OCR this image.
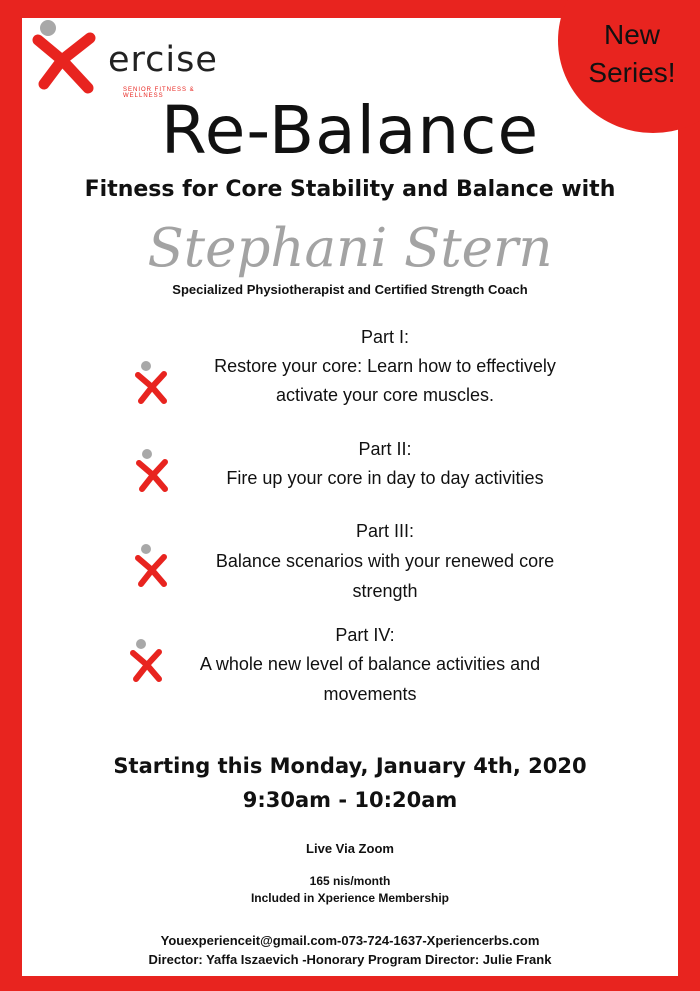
New
Series!
ercise
SENIOR FITNESS & WELLNESS
Re-Balance
Fitness for Core Stability and Balance with
Stephani Stern
Specialized Physiotherapist and Certified Strength Coach
Part I:
Restore your core: Learn how to effectively
activate your core muscles.
Part II:
Fire up your core in day to day activities
Part III:
Balance scenarios with your renewed core
strength
Part IV:
A whole new level of balance activities and
movements
Starting this Monday, January 4th, 2020
9:30am - 10:20am
Live Via Zoom
165 nis/month
Included in Xperience Membership
Youexperienceit@gmail.com-073-724-1637-Xperiencerbs.com
Director: Yaffa Iszaevich -Honorary Program Director: Julie Frank
